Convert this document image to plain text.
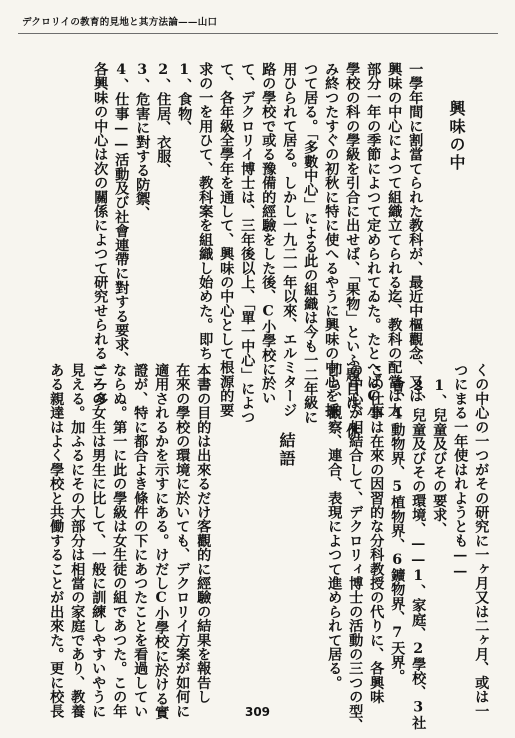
デクロリイの教育的見地と其方法論——山口
興味の中
一學年間に割當てられた教科が、最近中樞觀念、又は
興味の中心によつて組織立てられる迄、教科の配當は大
部分一年の季節によつて定められてゐた。たとへばC小
學校の科の學級を引合に出せば、「果物」といふ題目は、休
み終つたすぐの初秋に特に使へるやうに興味の中心を採
つて居る。「多數中心」による此の組織は今も一二年級に
用ひられて居る。しかし一九二一年以來、エルミタージ
路の學校で或る豫備的經驗をした後、C小學校に於い
て、デクロリイ博士は、三年後以上、「單一中心」によつ
て、各年級全學年を通して、興味の中心として根源的要
求の一を用ひて、教科案を組織し始めた。即ち
1、食物、
2、住居、衣服、
3、危害に對する防禦、
4、仕事——活動及び社會連帶に對する要求、
各興味の中心は次の關係によつて研究せられる——多
くの中心の一つがその研究に一ヶ月又は二ヶ月、或は一
つにまる一年使はれようとも——
1、兒童及びその要求、
2、兒童及びその環境、——1、家庭、2學校、3社
會、4動物界、5植物界、6鑛物界、7天界。
この仕事は在來の因習的な分科教授の代りに、各興味
の中心が相結合して、デクロリィ博士の活動の三つの型、
卽ち、觀察、連合、表現によつて進められて居る。
結語
本書の目的は出來るだけ客觀的に經驗の結果を報告し
在來の學校の環境に於いても、デクロリイ方案が如何に
適用されるかを示すにある。けだしC小學校に於ける實
證が、特に都合よき條件の下にあつたことを看過してい
ならぬ。第一に此の學級は女生徒の組であつた。この年
ごろの女生は男生に比して、一般に訓練しやすいやうに
見える。加ふるにその大部分は相當の家庭であり、教養
ある親達はよく學校と共働することが出來た。更に校長	309
